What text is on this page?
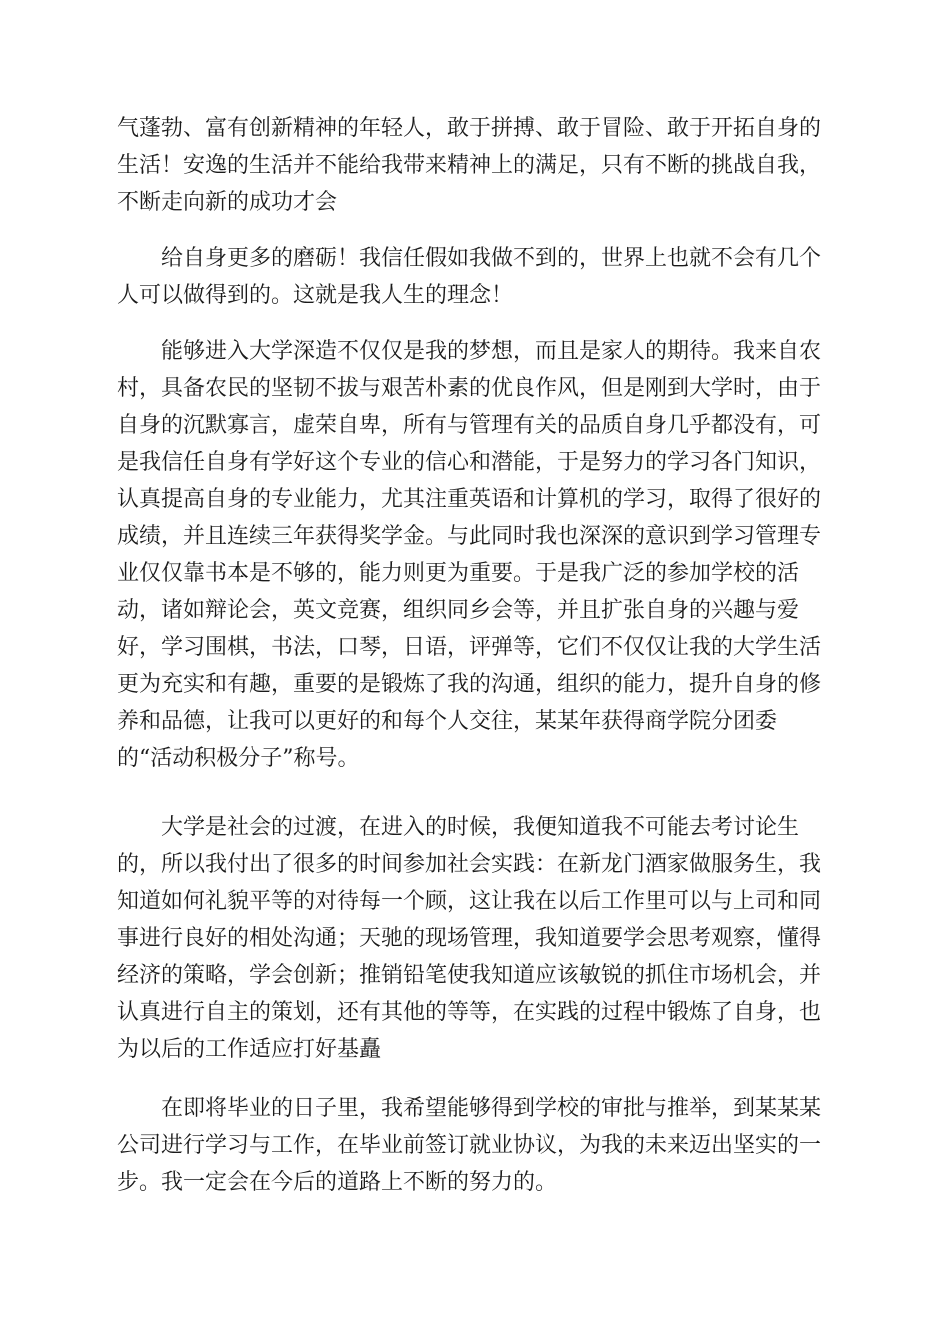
气蓬勃、富有创新精神的年轻人，敢于拼搏、敢于冒险、敢于开拓自身的
生活！安逸的生活并不能给我带来精神上的满足，只有不断的挑战自我，
不断走向新的成功才会
给自身更多的磨砺！我信任假如我做不到的，世界上也就不会有几个
人可以做得到的。这就是我人生的理念！
能够进入大学深造不仅仅是我的梦想，而且是家人的期待。我来自农
村，具备农民的坚韧不拔与艰苦朴素的优良作风，但是刚到大学时，由于
自身的沉默寡言，虚荣自卑，所有与管理有关的品质自身几乎都没有，可
是我信任自身有学好这个专业的信心和潜能，于是努力的学习各门知识，
认真提高自身的专业能力，尤其注重英语和计算机的学习，取得了很好的
成绩，并且连续三年获得奖学金。与此同时我也深深的意识到学习管理专
业仅仅靠书本是不够的，能力则更为重要。于是我广泛的参加学校的活
动，诸如辩论会，英文竞赛，组织同乡会等，并且扩张自身的兴趣与爱
好，学习围棋，书法，口琴，日语，评弹等，它们不仅仅让我的大学生活
更为充实和有趣，重要的是锻炼了我的沟通，组织的能力，提升自身的修
养和品德，让我可以更好的和每个人交往，某某年获得商学院分团委
的“活动积极分子”称号。
大学是社会的过渡，在进入的时候，我便知道我不可能去考讨论生
的，所以我付出了很多的时间参加社会实践：在新龙门酒家做服务生，我
知道如何礼貌平等的对待每一个顾，这让我在以后工作里可以与上司和同
事进行良好的相处沟通；天驰的现场管理，我知道要学会思考观察，懂得
经济的策略，学会创新；推销铅笔使我知道应该敏锐的抓住市场机会，并
认真进行自主的策划，还有其他的等等，在实践的过程中锻炼了自身，也
为以后的工作适应打好基矗
在即将毕业的日子里，我希望能够得到学校的审批与推举，到某某某
公司进行学习与工作，在毕业前签订就业协议，为我的未来迈出坚实的一
步。我一定会在今后的道路上不断的努力的。
